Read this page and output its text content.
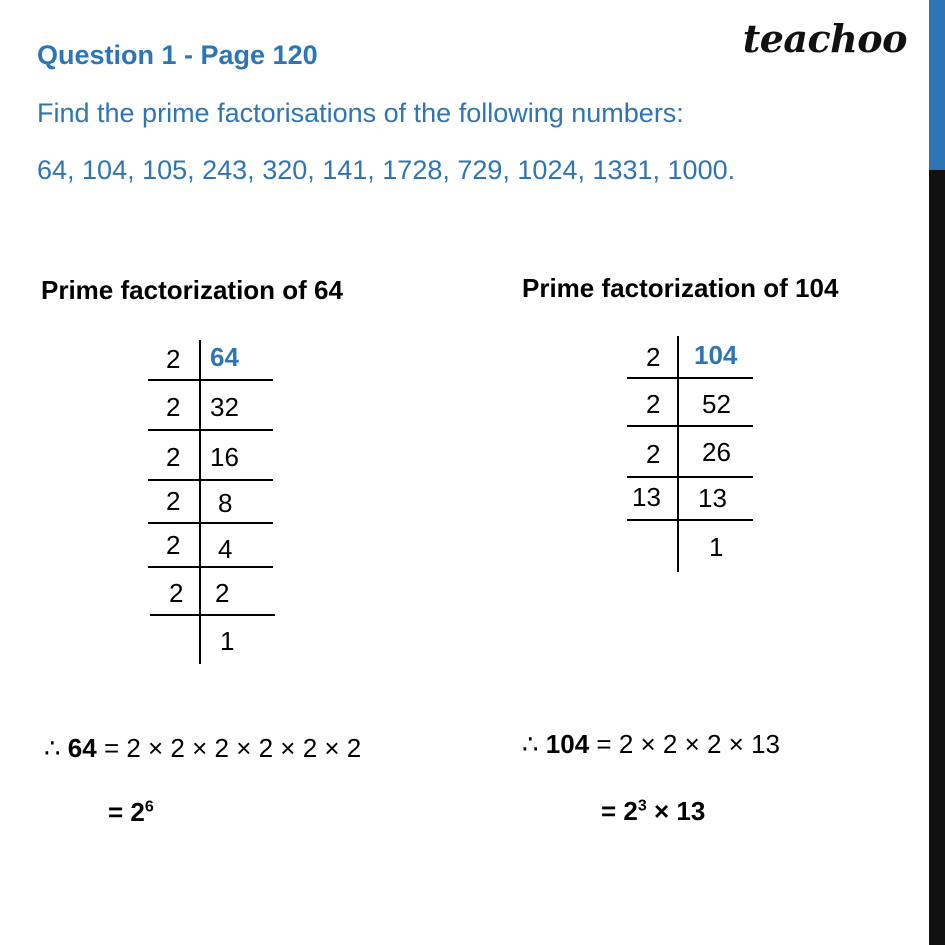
teachoo
Question 1 - Page 120
Find the prime factorisations of the following numbers:
64, 104, 105, 243, 320, 141, 1728, 729, 1024, 1331, 1000.
Prime factorization of 64
2 64
2 32
2 16
2 8
2 4
2 2
1
∴ 64 = 2 × 2 × 2 × 2 × 2 × 2
= $2^6$
Prime factorization of 104
2 104
2 52
2 26
13 13
1
∴ 104 = 2 × 2 × 2 × 13
= $2^3 \times 13$
